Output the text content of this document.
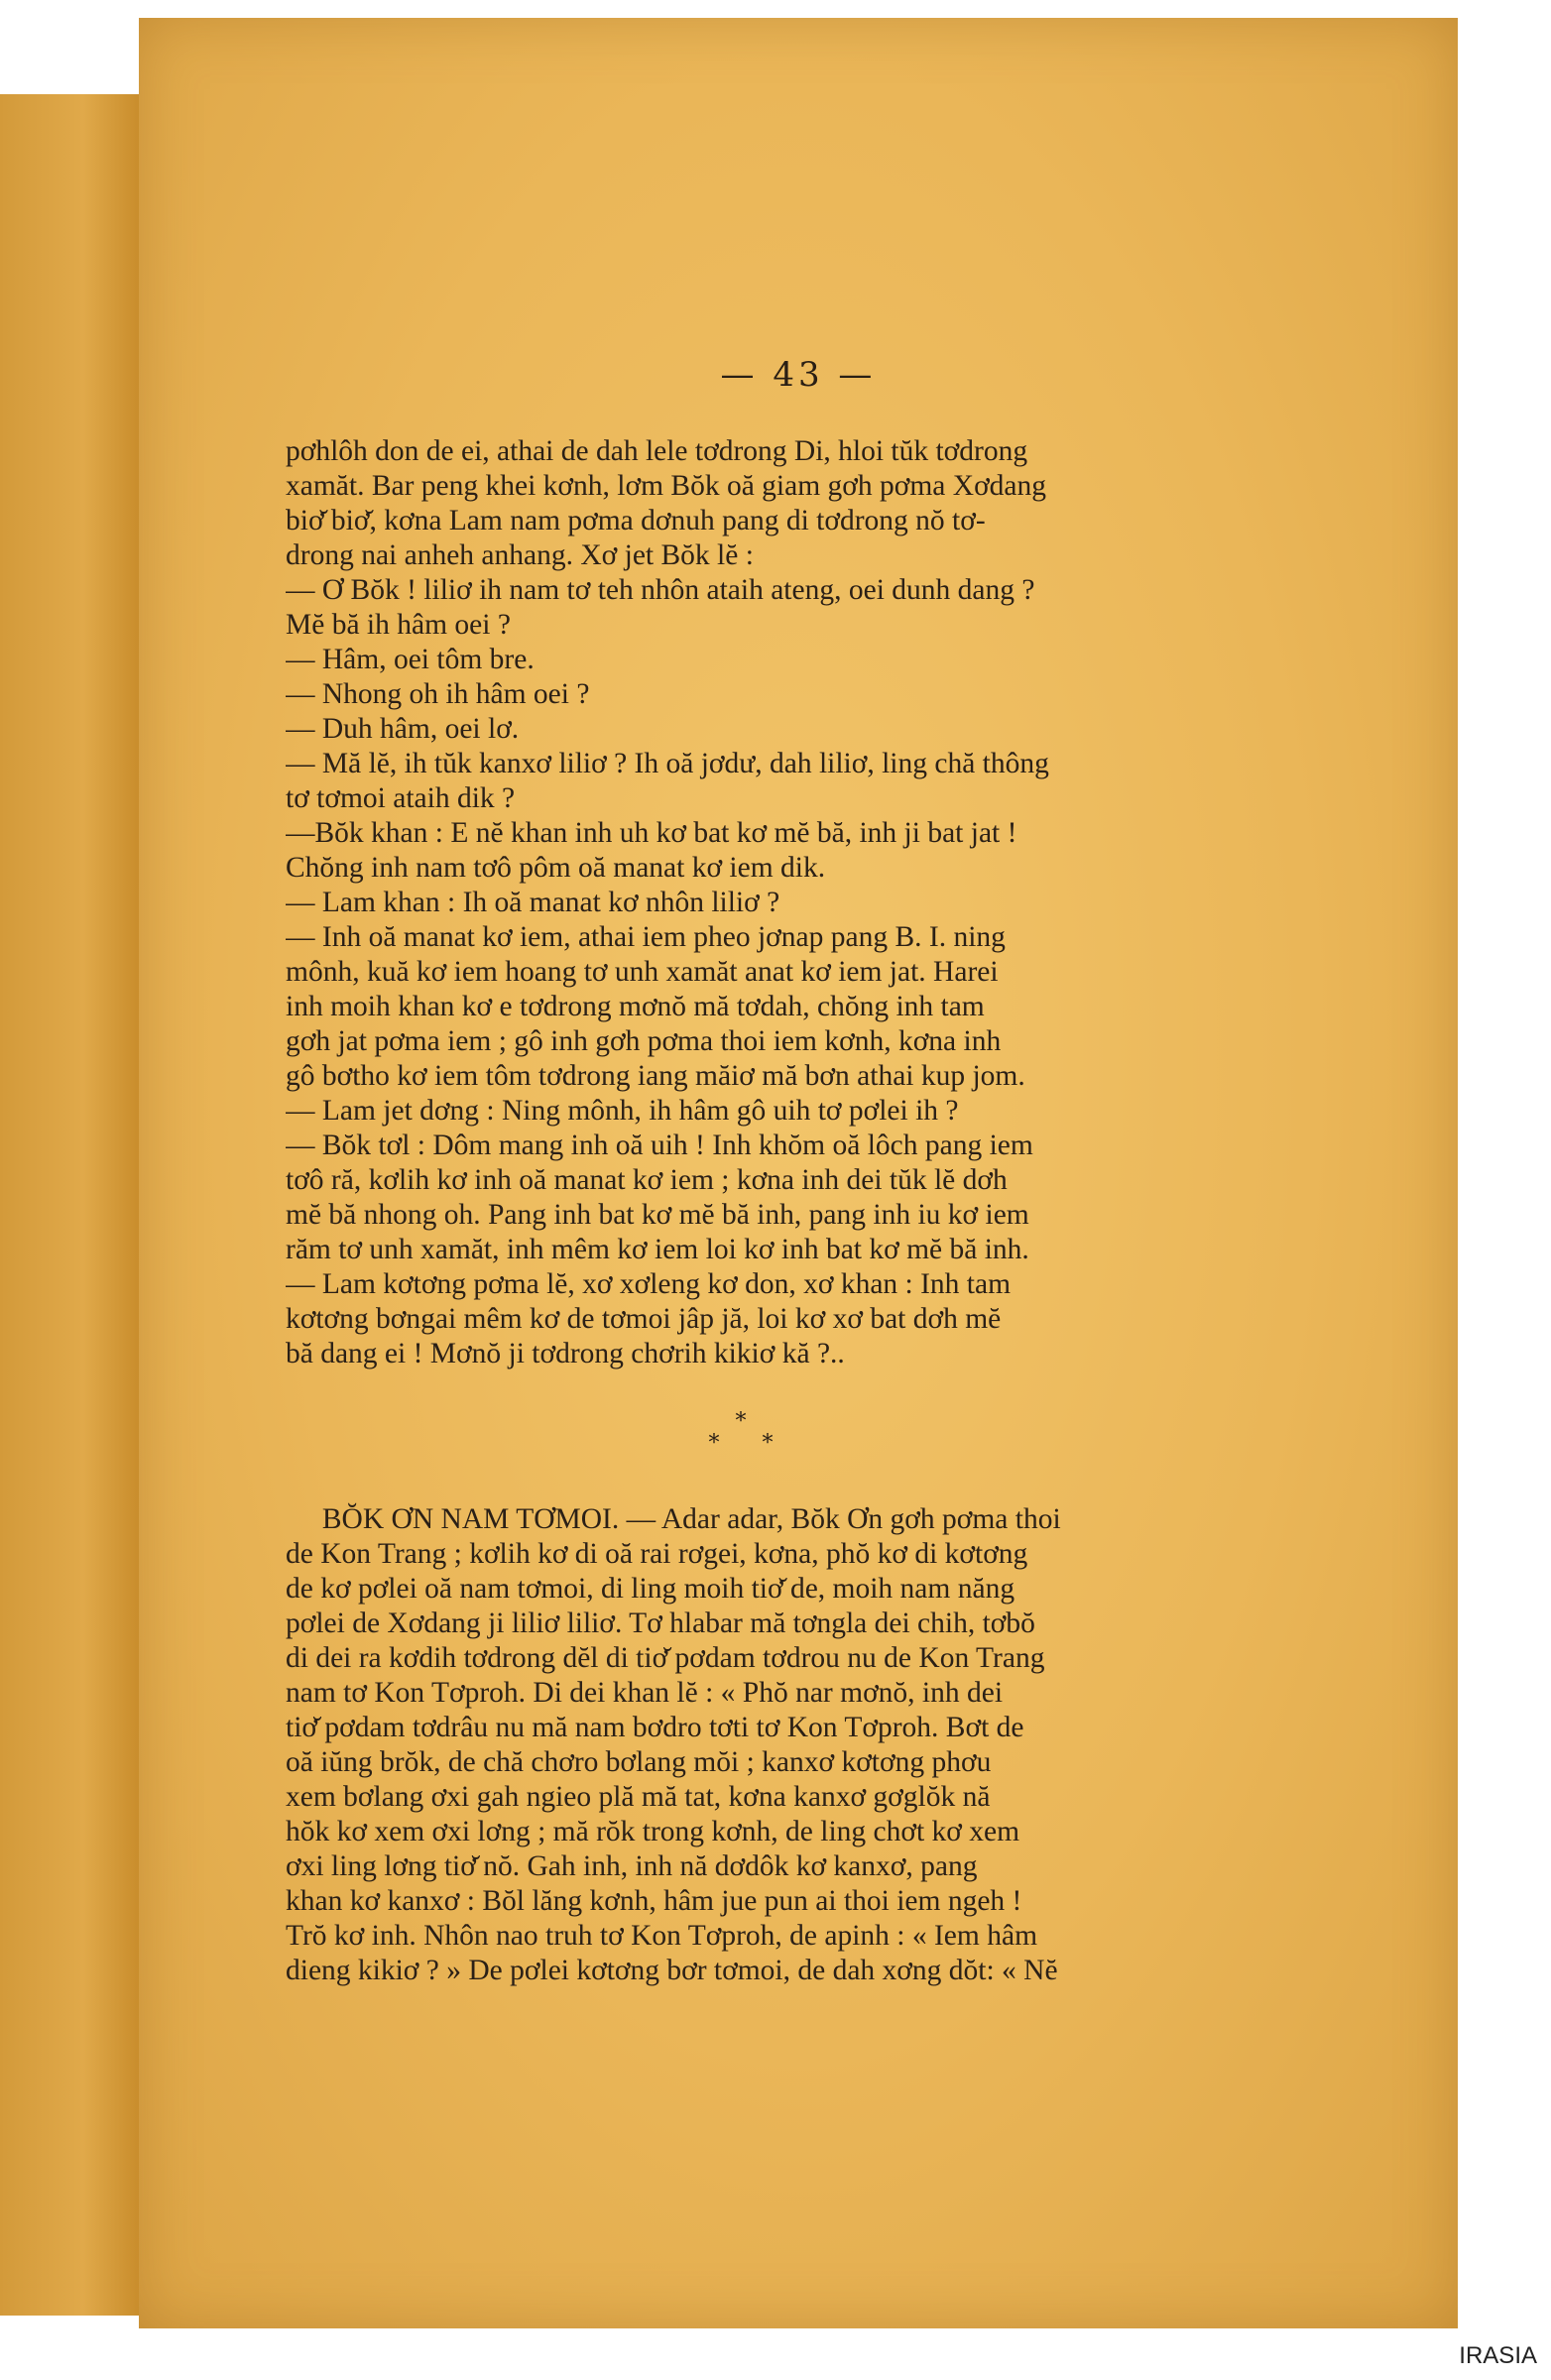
— 43 —
pơhlôh don de ei, athai de dah lele tơdrong Di, hloi tŭk tơdrong
xamăt. Bar peng khei kơnh, lơm Bŏk oă giam gơh pơma Xơdang
biơ̆ biơ̆, kơna Lam nam pơma dơnuh pang di tơdrong nŏ tơ-
drong nai anheh anhang. Xơ jet Bŏk lĕ :
— Ơ Bŏk ! liliơ ih nam tơ teh nhôn ataih ateng, oei dunh dang ?
Mĕ bă ih hâm oei ?
— Hâm, oei tôm bre.
— Nhong oh ih hâm oei ?
— Duh hâm, oei lơ.
— Mă lĕ, ih tŭk kanxơ liliơ ? Ih oă jơdư, dah liliơ, ling chă thông
tơ tơmoi ataih dik ?
—Bŏk khan : E nĕ khan inh uh kơ bat kơ mĕ bă, inh ji bat jat !
Chŏng inh nam tơô pôm oă manat kơ iem dik.
— Lam khan : Ih oă manat kơ nhôn liliơ ?
— Inh oă manat kơ iem, athai iem pheo jơnap pang B. I. ning
mônh, kuă kơ iem hoang tơ unh xamăt anat kơ iem jat. Harei
inh moih khan kơ e tơdrong mơnŏ mă tơdah, chŏng inh tam
gơh jat pơma iem ; gô inh gơh pơma thoi iem kơnh, kơna inh
gô bơtho kơ iem tôm tơdrong iang măiơ mă bơn athai kup jom.
— Lam jet dơng : Ning mônh, ih hâm gô uih tơ pơlei ih ?
— Bŏk tơl : Dôm mang inh oă uih ! Inh khŏm oă lôch pang iem
tơô ră, kơlih kơ inh oă manat kơ iem ; kơna inh dei tŭk lĕ dơh
mĕ bă nhong oh. Pang inh bat kơ mĕ bă inh, pang inh iu kơ iem
răm tơ unh xamăt, inh mêm kơ iem loi kơ inh bat kơ mĕ bă inh.
— Lam kơtơng pơma lĕ, xơ xơleng kơ don, xơ khan : Inh tam
kơtơng bơngai mêm kơ de tơmoi jâp jă, loi kơ xơ bat dơh mĕ
bă dang ei ! Mơnŏ ji tơdrong chơrih kikiơ kă ?..
*
* *
BŎK ƠN NAM TƠMOI. — Adar adar, Bŏk Ơn gơh pơma thoi
de Kon Trang ; kơlih kơ di oă rai rơgei, kơna, phŏ kơ di kơtơng
de kơ pơlei oă nam tơmoi, di ling moih tiơ̆ de, moih nam năng
pơlei de Xơdang ji liliơ liliơ. Tơ hlabar mă tơngla dei chih, tơbŏ
di dei ra kơdih tơdrong dĕl di tiơ̆ pơdam tơdrou nu de Kon Trang
nam tơ Kon Tơproh. Di dei khan lĕ : « Phŏ nar mơnŏ, inh dei
tiơ̆ pơdam tơdrâu nu mă nam bơdro tơti tơ Kon Tơproh. Bơt de
oă iŭng brŏk, de chă chơro bơlang mŏi ; kanxơ kơtơng phơu
xem bơlang ơxi gah ngieo plă mă tat, kơna kanxơ gơglŏk nă
hŏk kơ xem ơxi lơng ; mă rŏk trong kơnh, de ling chơt kơ xem
ơxi ling lơng tiơ̆ nŏ. Gah inh, inh nă dơdôk kơ kanxơ, pang
khan kơ kanxơ : Bŏl lăng kơnh, hâm jue pun ai thoi iem ngeh !
Trŏ kơ inh. Nhôn nao truh tơ Kon Tơproh, de apinh : « Iem hâm
dieng kikiơ ? » De pơlei kơtơng bơr tơmoi, de dah xơng dŏt: « Nĕ
IRASIA
